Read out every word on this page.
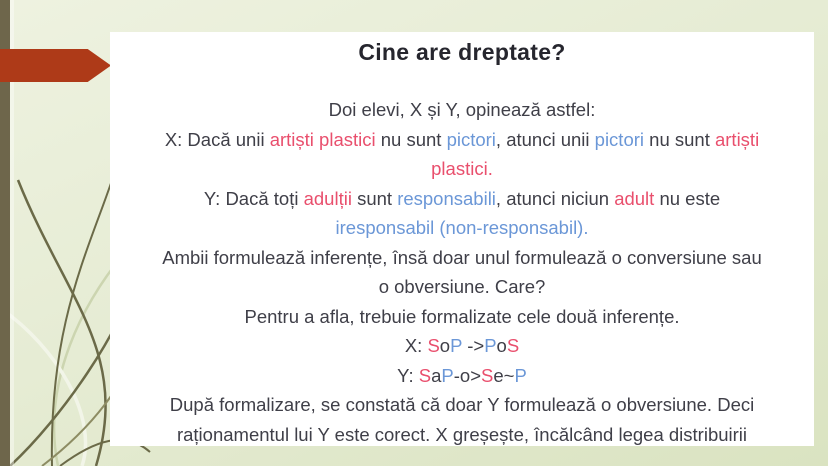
Cine are dreptate?
Doi elevi, X și Y, opinează astfel:
X: Dacă unii artiști plastici nu sunt pictori, atunci unii pictori nu sunt artiști
plastici.
Y: Dacă toți adulții sunt responsabili, atunci niciun adult nu este
iresponsabil (non-responsabil).
Ambii formulează inferențe, însă doar unul formulează o conversiune sau
o obversiune. Care?
Pentru a afla, trebuie formalizate cele două inferențe.
X: SoP ->PoS
Y: SaP-o>Se~P
După formalizare, se constată că doar Y formulează o obversiune. Deci
raționamentul lui Y este corect. X greșește, încălcând legea distribuirii
